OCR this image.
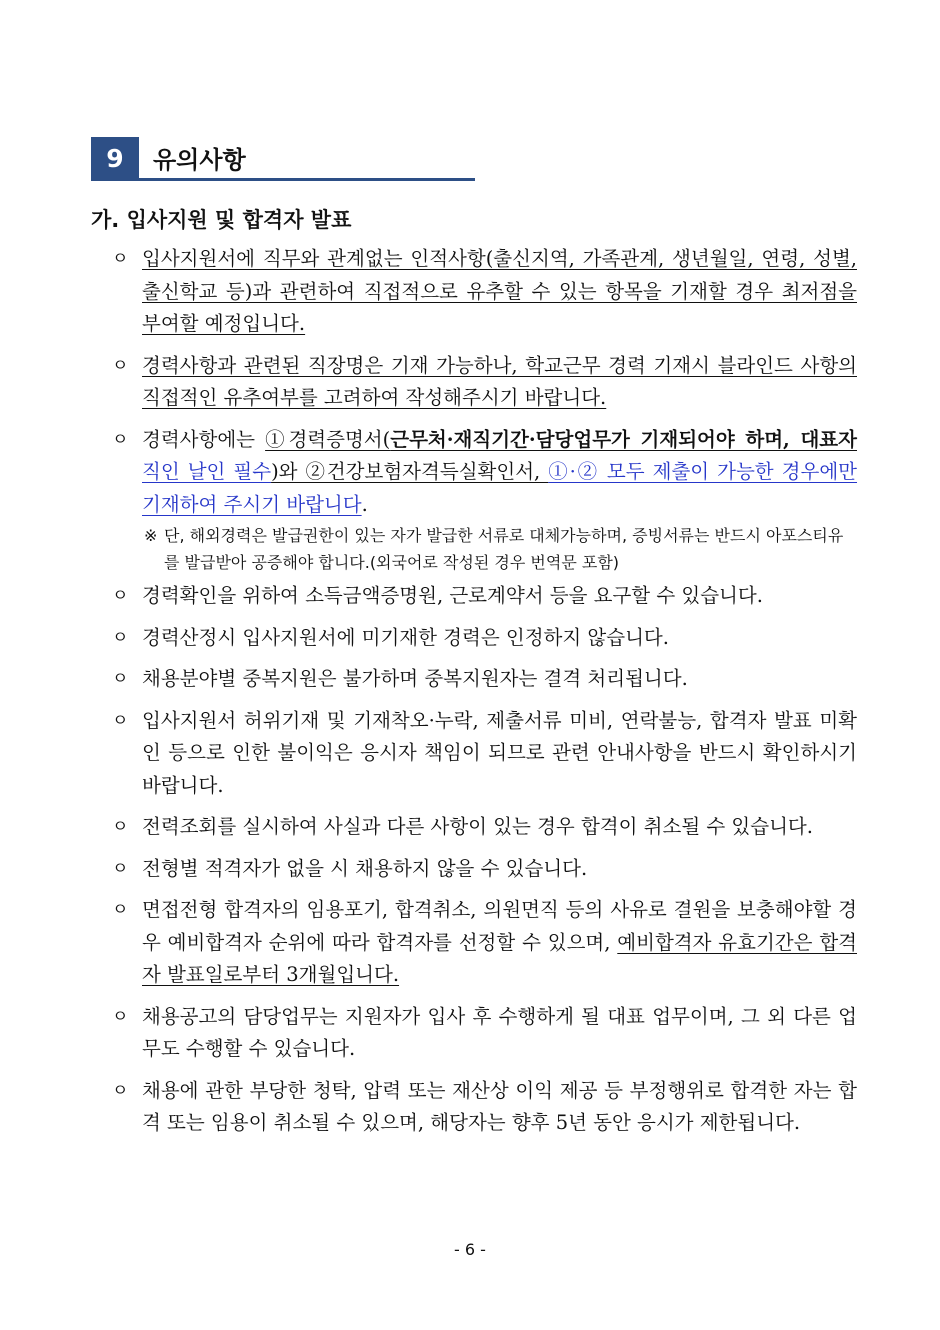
9	유의사항
가. 입사지원 및 합격자 발표
ㅇ 입사지원서에 직무와 관계없는 인적사항(출신지역, 가족관계, 생년월일, 연령, 성별, 출신학교 등)과 관련하여 직접적으로 유추할 수 있는 항목을 기재할 경우 최저점을 부여할 예정입니다.
ㅇ 경력사항과 관련된 직장명은 기재 가능하나, 학교근무 경력 기재시 블라인드 사항의 직접적인 유추여부를 고려하여 작성해주시기 바랍니다.
ㅇ 경력사항에는 ①경력증명서(근무처·재직기간·담당업무가 기재되어야 하며, 대표자 직인 날인 필수)와 ②건강보험자격득실확인서, ①·② 모두 제출이 가능한 경우에만 기재하여 주시기 바랍니다.
※ 단, 해외경력은 발급권한이 있는 자가 발급한 서류로 대체가능하며, 증빙서류는 반드시 아포스티유를 발급받아 공증해야 합니다.(외국어로 작성된 경우 번역문 포함)
ㅇ 경력확인을 위하여 소득금액증명원, 근로계약서 등을 요구할 수 있습니다.
ㅇ 경력산정시 입사지원서에 미기재한 경력은 인정하지 않습니다.
ㅇ 채용분야별 중복지원은 불가하며 중복지원자는 결격 처리됩니다.
ㅇ 입사지원서 허위기재 및 기재착오·누락, 제출서류 미비, 연락불능, 합격자 발표 미확인 등으로 인한 불이익은 응시자 책임이 되므로 관련 안내사항을 반드시 확인하시기 바랍니다.
ㅇ 전력조회를 실시하여 사실과 다른 사항이 있는 경우 합격이 취소될 수 있습니다.
ㅇ 전형별 적격자가 없을 시 채용하지 않을 수 있습니다.
ㅇ 면접전형 합격자의 임용포기, 합격취소, 의원면직 등의 사유로 결원을 보충해야할 경우 예비합격자 순위에 따라 합격자를 선정할 수 있으며, 예비합격자 유효기간은 합격자 발표일로부터 3개월입니다.
ㅇ 채용공고의 담당업무는 지원자가 입사 후 수행하게 될 대표 업무이며, 그 외 다른 업무도 수행할 수 있습니다.
ㅇ 채용에 관한 부당한 청탁, 압력 또는 재산상 이익 제공 등 부정행위로 합격한 자는 합격 또는 임용이 취소될 수 있으며, 해당자는 향후 5년 동안 응시가 제한됩니다.
- 6 -
